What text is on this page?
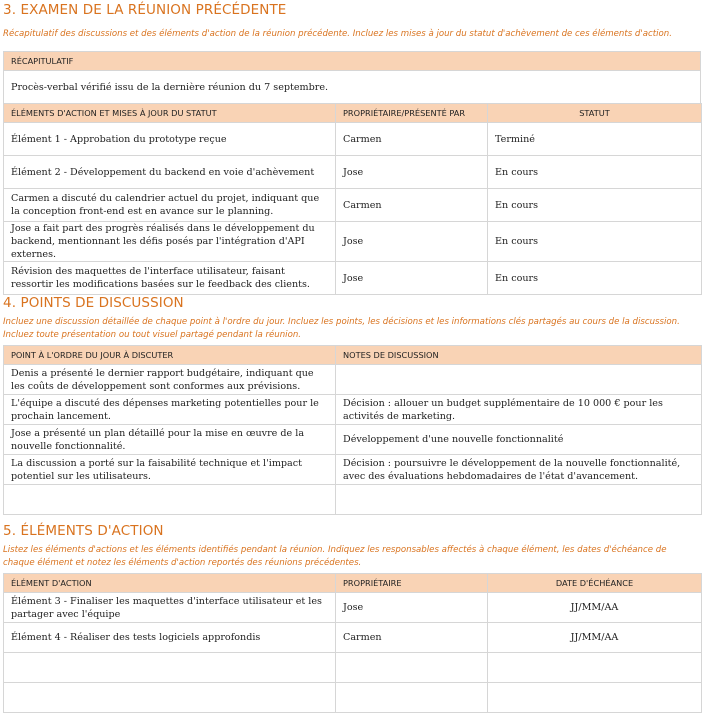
3. EXAMEN DE LA RÉUNION PRÉCÉDENTE
Récapitulatif des discussions et des éléments d'action de la réunion précédente. Incluez les mises à jour du statut d'achèvement de ces éléments d'action.
RÉCAPITULATIF
Procès-verbal vérifié issu de la dernière réunion du 7 septembre.
ÉLÉMENTS D'ACTION ET MISES À JOUR DU STATUT	PROPRIÉTAIRE/PRÉSENTÉ PAR	STATUT
Élément 1 - Approbation du prototype reçue	Carmen	Terminé
Élément 2 - Développement du backend en voie d'achèvement	Jose	En cours
Carmen a discuté du calendrier actuel du projet, indiquant que la conception front-end est en avance sur le planning.	Carmen	En cours
Jose a fait part des progrès réalisés dans le développement du backend, mentionnant les défis posés par l'intégration d'API externes.	Jose	En cours
Révision des maquettes de l'interface utilisateur, faisant ressortir les modifications basées sur le feedback des clients.	Jose	En cours
4. POINTS DE DISCUSSION
Incluez une discussion détaillée de chaque point à l'ordre du jour. Incluez les points, les décisions et les informations clés partagés au cours de la discussion. Incluez toute présentation ou tout visuel partagé pendant la réunion.
POINT À L'ORDRE DU JOUR À DISCUTER	NOTES DE DISCUSSION
Denis a présenté le dernier rapport budgétaire, indiquant que les coûts de développement sont conformes aux prévisions.	
L'équipe a discuté des dépenses marketing potentielles pour le prochain lancement.	Décision : allouer un budget supplémentaire de 10 000 € pour les activités de marketing.
Jose a présenté un plan détaillé pour la mise en œuvre de la nouvelle fonctionnalité.	Développement d'une nouvelle fonctionnalité
La discussion a porté sur la faisabilité technique et l'impact potentiel sur les utilisateurs.	Décision : poursuivre le développement de la nouvelle fonctionnalité, avec des évaluations hebdomadaires de l'état d'avancement.

5. ÉLÉMENTS D'ACTION
Listez les éléments d'actions et les éléments identifiés pendant la réunion. Indiquez les responsables affectés à chaque élément, les dates d'échéance de chaque élément et notez les éléments d'action reportés des réunions précédentes.
ÉLÉMENT D'ACTION	PROPRIÉTAIRE	DATE D'ÉCHÉANCE
Élément 3 - Finaliser les maquettes d'interface utilisateur et les partager avec l'équipe	Jose	JJ/MM/AA
Élément 4 - Réaliser des tests logiciels approfondis	Carmen	JJ/MM/AA
